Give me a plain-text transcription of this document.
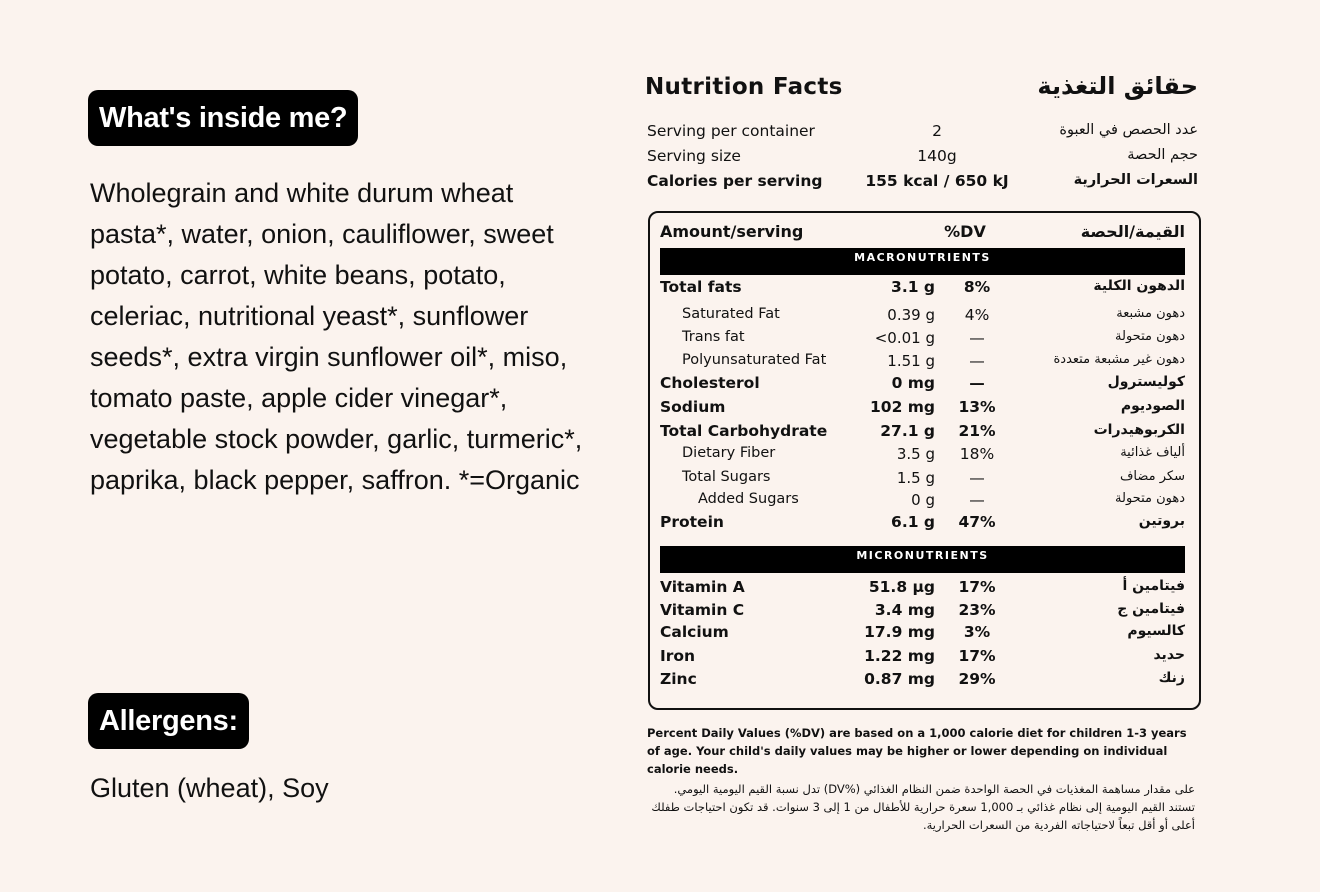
What's inside me?
Wholegrain and white durum wheat pasta*, water, onion, cauliflower, sweet potato, carrot, white beans, potato, celeriac, nutritional yeast*, sunflower seeds*, extra virgin sunflower oil*, miso, tomato paste, apple cider vinegar*, vegetable stock powder, garlic, turmeric*, paprika, black pepper, saffron. *=Organic
Allergens:
Gluten (wheat), Soy
Nutrition Facts	حقائق التغذية
Serving per container	2	عدد الحصص في العبوة
Serving size	140g	حجم الحصة
Calories per serving	155 kcal / 650 kJ	السعرات الحرارية
Amount/serving	%DV	القيمة/الحصة
MACRONUTRIENTS
Total fats	3.1 g	8%	الدهون الكلية
Saturated Fat	0.39 g	4%	دهون مشبعة
Trans fat	<0.01 g	—	دهون متحولة
Polyunsaturated Fat	1.51 g	—	دهون غير مشبعة متعددة
Cholesterol	0 mg	—	كوليسترول
Sodium	102 mg	13%	الصوديوم
Total Carbohydrate	27.1 g	21%	الكربوهيدرات
Dietary Fiber	3.5 g	18%	ألياف غذائية
Total Sugars	1.5 g	—	سكر مضاف
Added Sugars	0 g	—	دهون متحولة
Protein	6.1 g	47%	بروتين
MICRONUTRIENTS
Vitamin A	51.8 µg	17%	فيتامين أ
Vitamin C	3.4 mg	23%	فيتامين ج
Calcium	17.9 mg	3%	كالسيوم
Iron	1.22 mg	17%	حديد
Zinc	0.87 mg	29%	زنك
Percent Daily Values (%DV) are based on a 1,000 calorie diet for children 1-3 years of age. Your child's daily values may be higher or lower depending on individual calorie needs.
على مقدار مساهمة المغذيات في الحصة الواحدة ضمن النظام الغذائي (%DV) تدل نسبة القيم اليومية اليومي. تستند القيم اليومية إلى نظام غذائي بـ 1,000 سعرة حرارية للأطفال من 1 إلى 3 سنوات. قد تكون احتياجات طفلك أعلى أو أقل تبعاً لاحتياجاته الفردية من السعرات الحرارية.
